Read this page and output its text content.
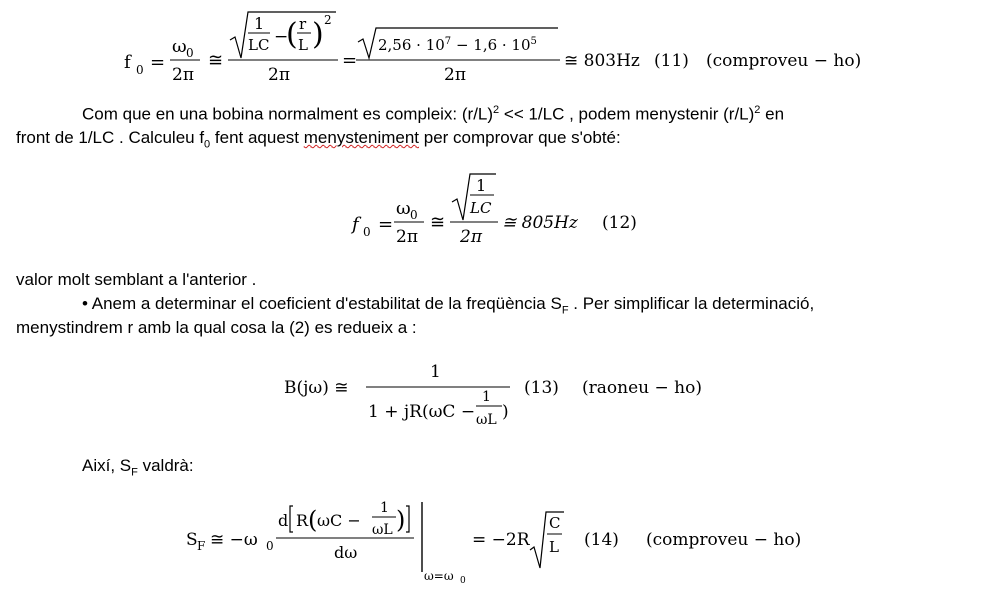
f 0 =
ω 0
2π
≅
1
LC −
( r
L ) 2
2π
=
$2,56 \cdot 10^7 - 1,6 \cdot 10^5$
2π
≅ 803Hz (11) (comproveu − ho)
Com que en una bobina normalment es compleix: $(r/L)^2 << 1/LC$ , podem menystenir $(r/L)^2$ en
front de 1/LC . Calculeu $f_0$ fent aquest menysteniment per comprovar que s'obté:
f 0 =
ω 0
2π
≅
1
LC
2π
≅ 805Hz (12)
valor molt semblant a l'anterior .
• Anem a determinar el coeficient d'estabilitat de la freqüència $S_F$ . Per simplificar la determinació,
menystindrem r amb la qual cosa la (2) es redueix a :
B(jω) ≅
1
1 + jR(ωC −
1
ωL )
(13) (raoneu − ho)
Així, $S_F$ valdrà:
S F ≅ −ω 0
d R ( ωC −
1
ωL )
dω
ω=ω 0
= −2R
C
L (14) (comproveu − ho)
